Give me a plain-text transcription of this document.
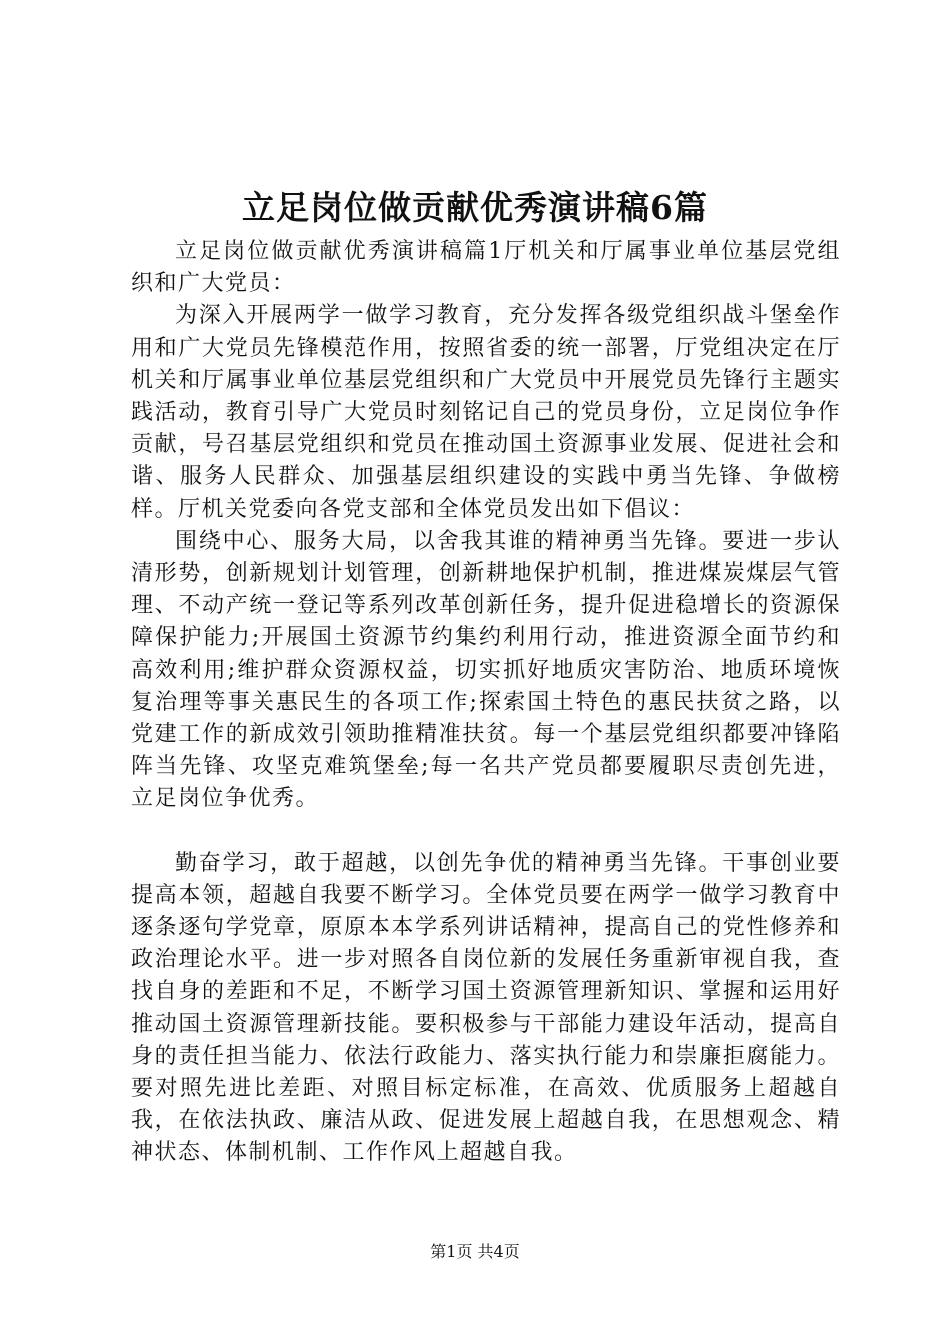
立足岗位做贡献优秀演讲稿6篇

立足岗位做贡献优秀演讲稿篇1厅机关和厅属事业单位基层党组织和广大党员：

为深入开展两学一做学习教育，充分发挥各级党组织战斗堡垒作用和广大党员先锋模范作用，按照省委的统一部署，厅党组决定在厅机关和厅属事业单位基层党组织和广大党员中开展党员先锋行主题实践活动，教育引导广大党员时刻铭记自己的党员身份，立足岗位争作贡献，号召基层党组织和党员在推动国土资源事业发展、促进社会和谐、服务人民群众、加强基层组织建设的实践中勇当先锋、争做榜样。厅机关党委向各党支部和全体党员发出如下倡议：

围绕中心、服务大局，以舍我其谁的精神勇当先锋。要进一步认清形势，创新规划计划管理，创新耕地保护机制，推进煤炭煤层气管理、不动产统一登记等系列改革创新任务，提升促进稳增长的资源保障保护能力;开展国土资源节约集约利用行动，推进资源全面节约和高效利用;维护群众资源权益，切实抓好地质灾害防治、地质环境恢复治理等事关惠民生的各项工作;探索国土特色的惠民扶贫之路，以党建工作的新成效引领助推精准扶贫。每一个基层党组织都要冲锋陷阵当先锋、攻坚克难筑堡垒;每一名共产党员都要履职尽责创先进，立足岗位争优秀。

勤奋学习，敢于超越，以创先争优的精神勇当先锋。干事创业要提高本领，超越自我要不断学习。全体党员要在两学一做学习教育中逐条逐句学党章，原原本本学系列讲话精神，提高自己的党性修养和政治理论水平。进一步对照各自岗位新的发展任务重新审视自我，查找自身的差距和不足，不断学习国土资源管理新知识、掌握和运用好推动国土资源管理新技能。要积极参与干部能力建设年活动，提高自身的责任担当能力、依法行政能力、落实执行能力和崇廉拒腐能力。要对照先进比差距、对照目标定标准，在高效、优质服务上超越自我，在依法执政、廉洁从政、促进发展上超越自我，在思想观念、精神状态、体制机制、工作作风上超越自我。

第1页 共4页
